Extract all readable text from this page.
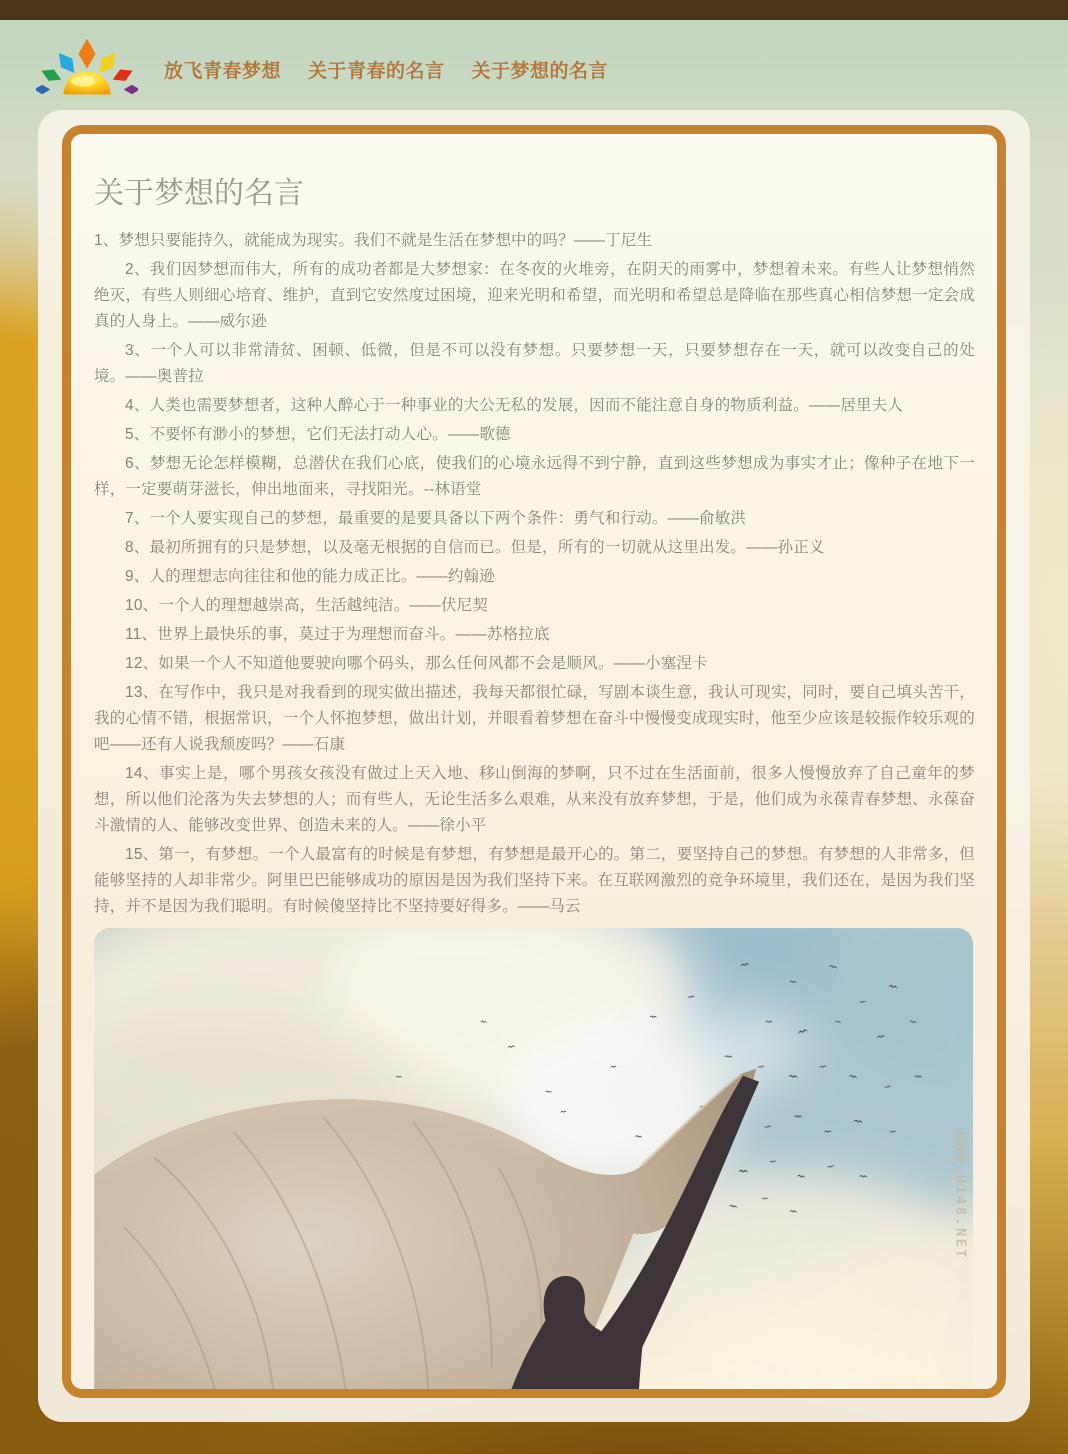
放飞青春梦想 关于青春的名言 关于梦想的名言
关于梦想的名言

1、梦想只要能持久，就能成为现实。我们不就是生活在梦想中的吗？——丁尼生

2、我们因梦想而伟大，所有的成功者都是大梦想家：在冬夜的火堆旁，在阴天的雨雾中，梦想着未来。有些人让梦想悄然绝灭，有些人则细心培育、维护，直到它安然度过困境，迎来光明和希望，而光明和希望总是降临在那些真心相信梦想一定会成真的人身上。——威尔逊

3、一个人可以非常清贫、困顿、低微，但是不可以没有梦想。只要梦想一天，只要梦想存在一天，就可以改变自己的处境。——奥普拉

4、人类也需要梦想者，这种人醉心于一种事业的大公无私的发展，因而不能注意自身的物质利益。——居里夫人

5、不要怀有渺小的梦想，它们无法打动人心。——歌德

6、梦想无论怎样模糊，总潜伏在我们心底，使我们的心境永远得不到宁静，直到这些梦想成为事实才止；像种子在地下一样，一定要萌芽滋长，伸出地面来，寻找阳光。--林语堂

7、一个人要实现自己的梦想，最重要的是要具备以下两个条件：勇气和行动。——俞敏洪

8、最初所拥有的只是梦想，以及毫无根据的自信而已。但是，所有的一切就从这里出发。——孙正义

9、人的理想志向往往和他的能力成正比。——约翰逊

10、一个人的理想越崇高，生活越纯洁。——伏尼契

11、世界上最快乐的事，莫过于为理想而奋斗。——苏格拉底

12、如果一个人不知道他要驶向哪个码头，那么任何风都不会是顺风。——小塞涅卡

13、在写作中，我只是对我看到的现实做出描述，我每天都很忙碌，写剧本谈生意，我认可现实，同时，要自己填头苦干，我的心情不错，根据常识，一个人怀抱梦想，做出计划，并眼看着梦想在奋斗中慢慢变成现实时，他至少应该是较振作较乐观的吧——还有人说我颓废吗？——石康

14、事实上是，哪个男孩女孩没有做过上天入地、移山倒海的梦啊，只不过在生活面前，很多人慢慢放弃了自己童年的梦想，所以他们沦落为失去梦想的人；而有些人，无论生活多么艰难，从来没有放弃梦想，于是，他们成为永葆青春梦想、永葆奋斗激情的人、能够改变世界、创造未来的人。——徐小平

15、第一，有梦想。一个人最富有的时候是有梦想，有梦想是最开心的。第二，要坚持自己的梦想。有梦想的人非常多，但能够坚持的人却非常少。阿里巴巴能够成功的原因是因为我们坚持下来。在互联网激烈的竞争环境里，我们还在，是因为我们坚持，并不是因为我们聪明。有时候傻坚持比不坚持要好得多。——马云

WWW.U148.NET
